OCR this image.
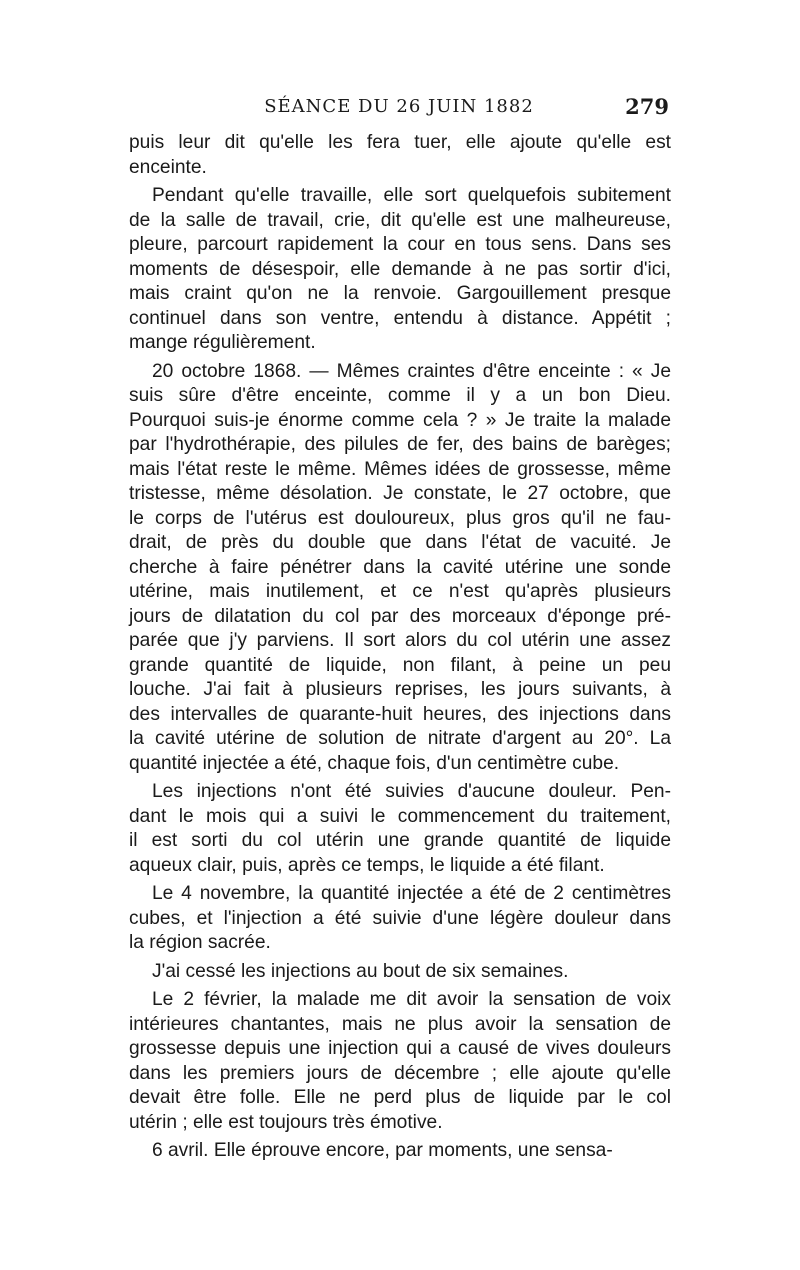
SÉANCE DU 26 JUIN 1882	279
puis leur dit qu'elle les fera tuer, elle ajoute qu'elle est
enceinte.
Pendant qu'elle travaille, elle sort quelquefois subitement
de la salle de travail, crie, dit qu'elle est une malheureuse,
pleure, parcourt rapidement la cour en tous sens. Dans ses
moments de désespoir, elle demande à ne pas sortir d'ici,
mais craint qu'on ne la renvoie. Gargouillement presque
continuel dans son ventre, entendu à distance. Appétit ;
mange régulièrement.
20 octobre 1868. — Mêmes craintes d'être enceinte : « Je
suis sûre d'être enceinte, comme il y a un bon Dieu.
Pourquoi suis-je énorme comme cela ? » Je traite la malade
par l'hydrothérapie, des pilules de fer, des bains de barèges;
mais l'état reste le même. Mêmes idées de grossesse, même
tristesse, même désolation. Je constate, le 27 octobre, que
le corps de l'utérus est douloureux, plus gros qu'il ne fau-
drait, de près du double que dans l'état de vacuité. Je
cherche à faire pénétrer dans la cavité utérine une sonde
utérine, mais inutilement, et ce n'est qu'après plusieurs
jours de dilatation du col par des morceaux d'éponge pré-
parée que j'y parviens. Il sort alors du col utérin une assez
grande quantité de liquide, non filant, à peine un peu
louche. J'ai fait à plusieurs reprises, les jours suivants, à
des intervalles de quarante-huit heures, des injections dans
la cavité utérine de solution de nitrate d'argent au 20°. La
quantité injectée a été, chaque fois, d'un centimètre cube.
Les injections n'ont été suivies d'aucune douleur. Pen-
dant le mois qui a suivi le commencement du traitement,
il est sorti du col utérin une grande quantité de liquide
aqueux clair, puis, après ce temps, le liquide a été filant.
Le 4 novembre, la quantité injectée a été de 2 centimètres
cubes, et l'injection a été suivie d'une légère douleur dans
la région sacrée.
J'ai cessé les injections au bout de six semaines.
Le 2 février, la malade me dit avoir la sensation de voix
intérieures chantantes, mais ne plus avoir la sensation de
grossesse depuis une injection qui a causé de vives douleurs
dans les premiers jours de décembre ; elle ajoute qu'elle
devait être folle. Elle ne perd plus de liquide par le col
utérin ; elle est toujours très émotive.
6 avril. Elle éprouve encore, par moments, une sensa-
